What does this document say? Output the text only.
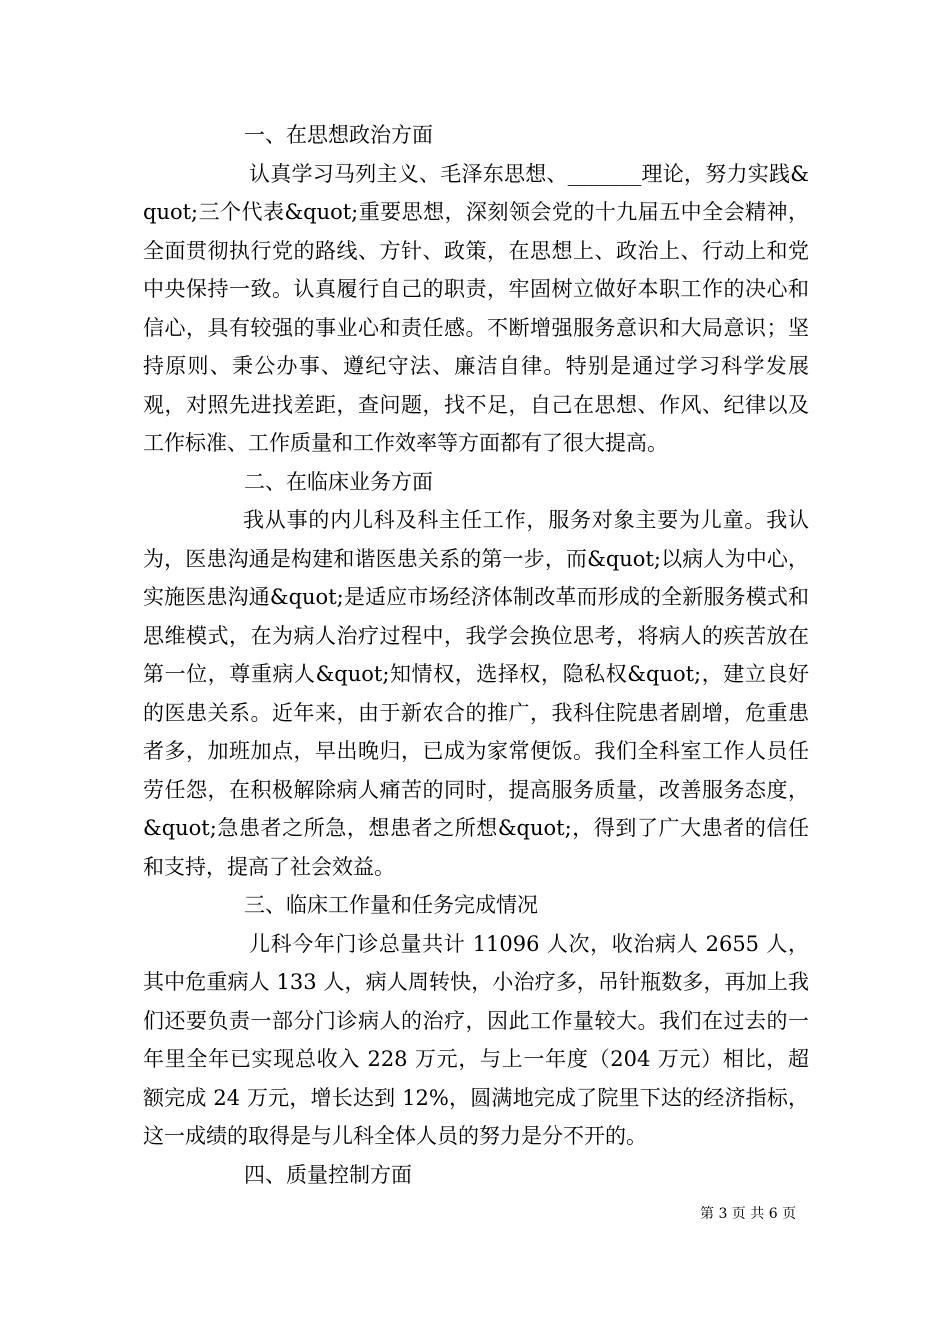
一、在思想政治方面

认真学习马列主义、毛泽东思想、_______理论，努力实践&quot;三个代表&quot;重要思想，深刻领会党的十九届五中全会精神，全面贯彻执行党的路线、方针、政策，在思想上、政治上、行动上和党中央保持一致。认真履行自己的职责，牢固树立做好本职工作的决心和信心，具有较强的事业心和责任感。不断增强服务意识和大局意识；坚持原则、秉公办事、遵纪守法、廉洁自律。特别是通过学习科学发展观，对照先进找差距，查问题，找不足，自己在思想、作风、纪律以及工作标准、工作质量和工作效率等方面都有了很大提高。

二、在临床业务方面

我从事的内儿科及科主任工作，服务对象主要为儿童。我认为，医患沟通是构建和谐医患关系的第一步，而&quot;以病人为中心，实施医患沟通&quot;是适应市场经济体制改革而形成的全新服务模式和思维模式，在为病人治疗过程中，我学会换位思考，将病人的疾苦放在第一位，尊重病人&quot;知情权，选择权，隐私权&quot;，建立良好的医患关系。近年来，由于新农合的推广，我科住院患者剧增，危重患者多，加班加点，早出晚归，已成为家常便饭。我们全科室工作人员任劳任怨，在积极解除病人痛苦的同时，提高服务质量，改善服务态度，&quot;急患者之所急，想患者之所想&quot;，得到了广大患者的信任和支持，提高了社会效益。

三、临床工作量和任务完成情况

儿科今年门诊总量共计 11096 人次，收治病人 2655 人，其中危重病人 133 人，病人周转快，小治疗多，吊针瓶数多，再加上我们还要负责一部分门诊病人的治疗，因此工作量较大。我们在过去的一年里全年已实现总收入 228 万元，与上一年度（204 万元）相比，超额完成 24 万元，增长达到 12%，圆满地完成了院里下达的经济指标，这一成绩的取得是与儿科全体人员的努力是分不开的。

四、质量控制方面

第 3 页 共 6 页
